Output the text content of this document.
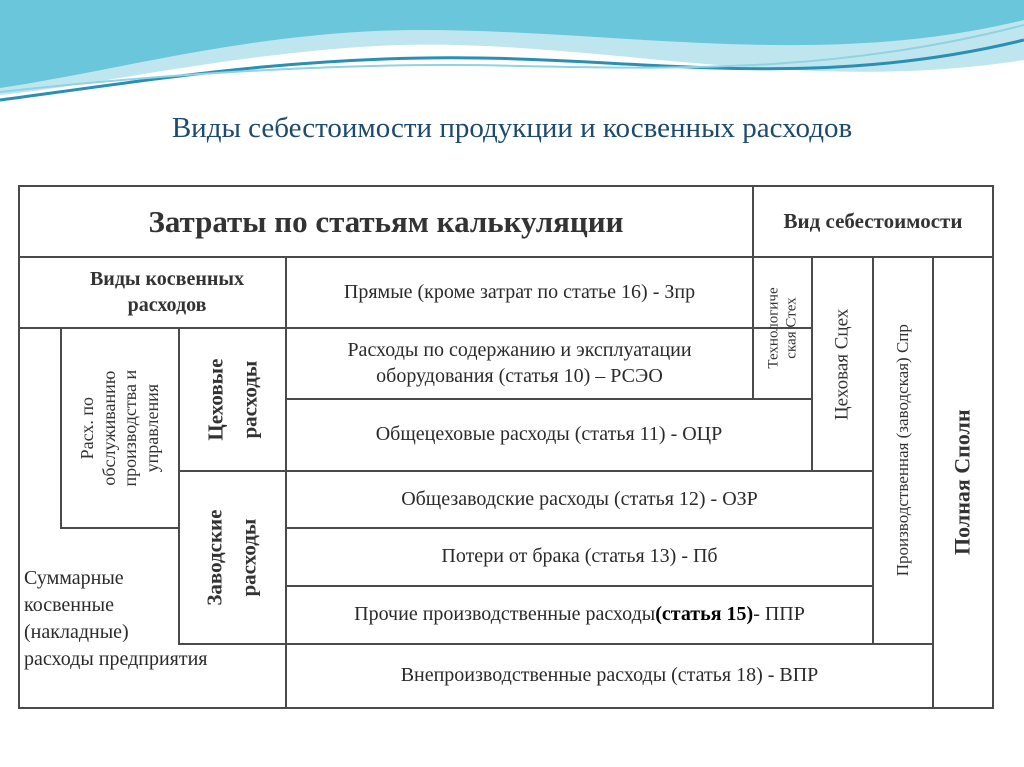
Виды себестоимости продукции и косвенных расходов
Затраты по статьям калькуляции	Вид себестоимости
Виды косвенных расходов
Прямые (кроме затрат по статье 16) - Зпр
Расходы по содержанию и эксплуатации
оборудования (статья 10) – РСЭО
Общецеховые расходы (статья 11) - ОЦР
Общезаводские расходы (статья 12) - ОЗР
Потери от брака (статья 13) - Пб
Прочие производственные расходы (статья 15) - ППР
Внепроизводственные расходы (статья 18) - ВПР
Суммарные
косвенные
(накладные)
расходы предприятия
Расх. по обслуживанию производства и управления Цеховые расходы
Заводские расходы
Технологиче ская Стех Цеховая Сцех Производственная (заводская) Спр Полная Сполн
